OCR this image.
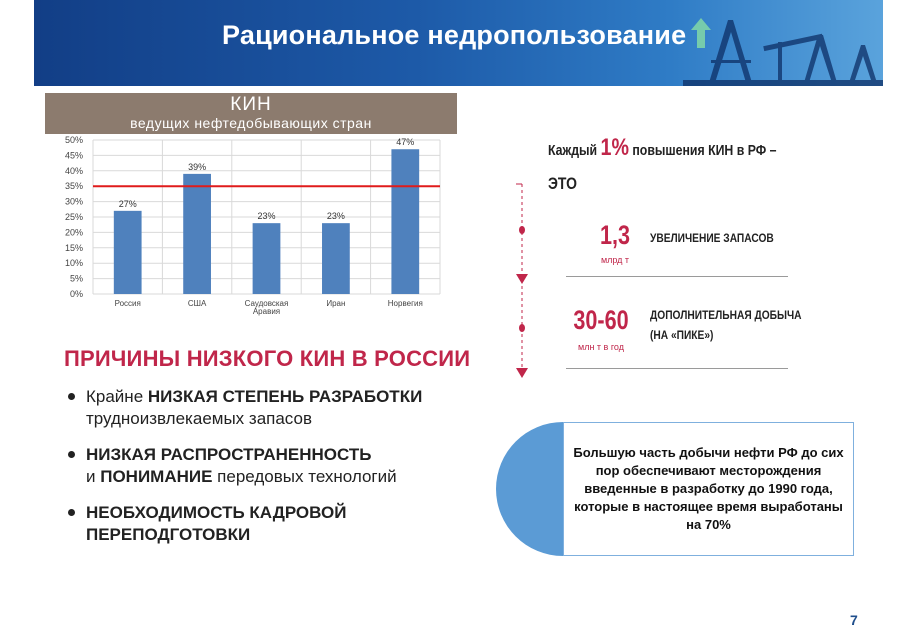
Рациональное недропользование
КИН
ведущих нефтедобывающих стран
0%
5%
10%
15%
20%
25%
30%
35%
40%
45%
50%
27%
Россия
39%
США
23%
Саудовская
Аравия
23%
Иран
47%
Норвегия
ПРИЧИНЫ НИЗКОГО КИН В РОССИИ
Крайне НИЗКАЯ СТЕПЕНЬ РАЗРАБОТКИ
трудноизвлекаемых запасов
НИЗКАЯ РАСПРОСТРАНЕННОСТЬ
и ПОНИМАНИЕ передовых технологий
НЕОБХОДИМОСТЬ КАДРОВОЙ
ПЕРЕПОДГОТОВКИ
Каждый 1% повышения КИН в РФ –
ЭТО
1,3
млрд т
УВЕЛИЧЕНИЕ ЗАПАСОВ
30-60
млн т в год
ДОПОЛНИТЕЛЬНАЯ ДОБЫЧА
(НА «ПИКЕ»)
Большую часть добычи нефти РФ до сих пор обеспечивают месторождения введенные в разработку до 1990 года, которые в настоящее время выработаны на 70%
7
